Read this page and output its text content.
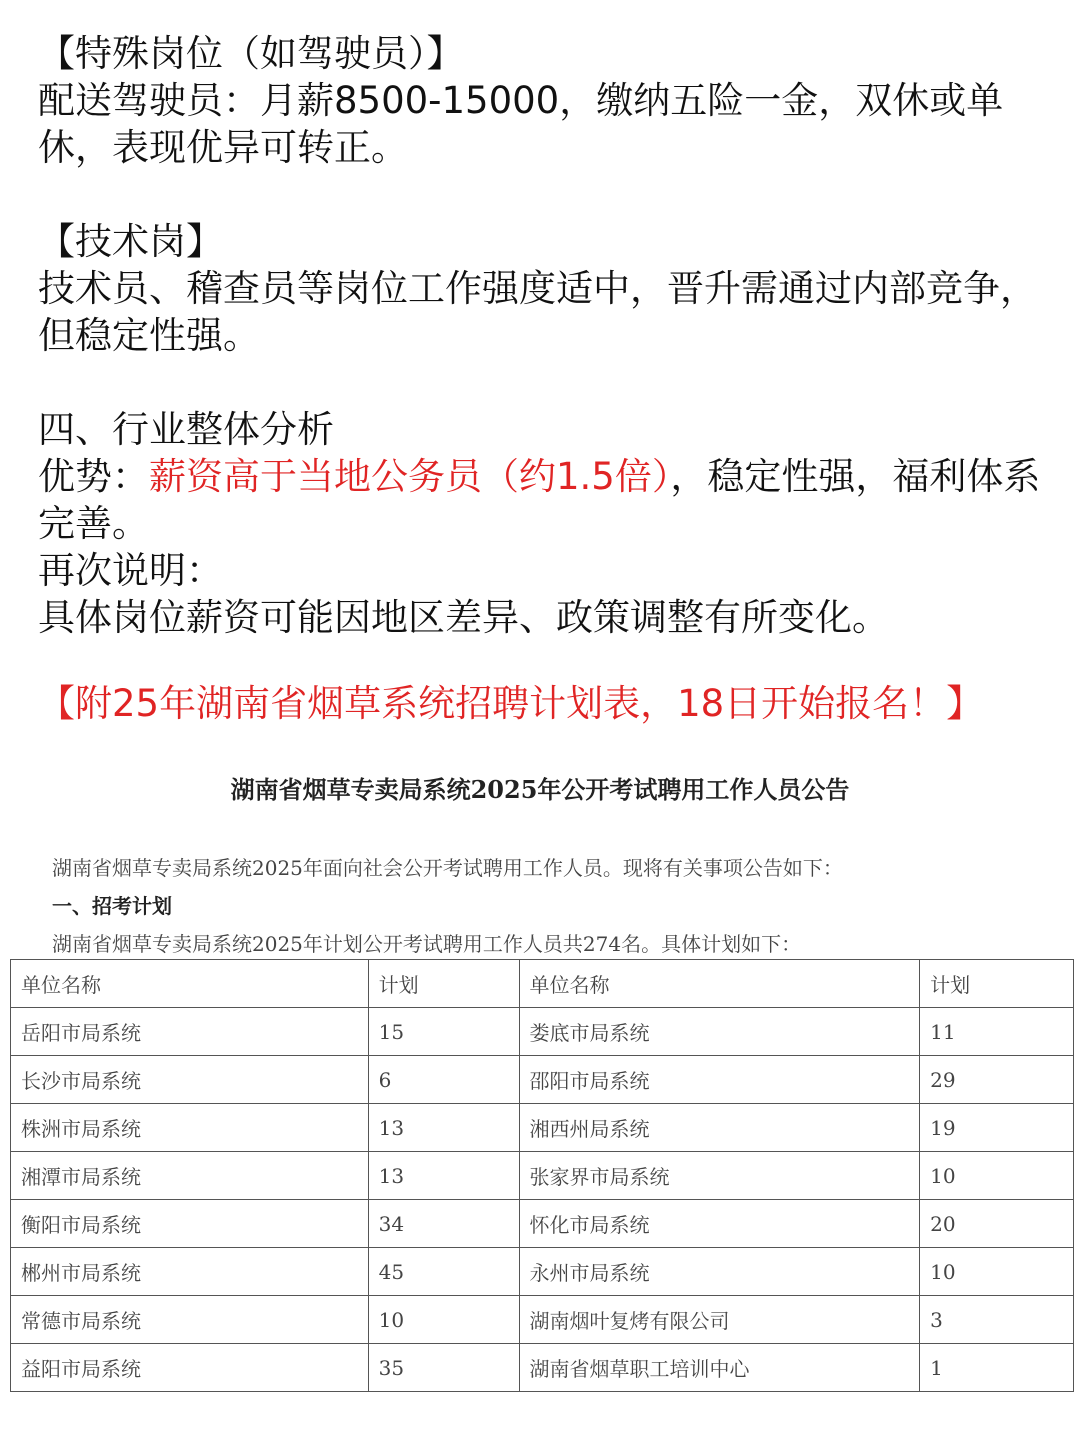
【特殊岗位（如驾驶员）】

配送驾驶员：月薪8500-15000，缴纳五险一金，双休或单休，表现优异可转正。

【技术岗】

技术员、稽查员等岗位工作强度适中，晋升需通过内部竞争，但稳定性强。

四、行业整体分析

优势：薪资高于当地公务员（约1.5倍），稳定性强，福利体系完善。

再次说明：

具体岗位薪资可能因地区差异、政策调整有所变化。

【附25年湖南省烟草系统招聘计划表，18日开始报名！】

湖南省烟草专卖局系统2025年公开考试聘用工作人员公告
湖南省烟草专卖局系统2025年面向社会公开考试聘用工作人员。现将有关事项公告如下：
一、招考计划
湖南省烟草专卖局系统2025年计划公开考试聘用工作人员共274名。具体计划如下：
单位名称	计划	单位名称	计划
岳阳市局系统	15	娄底市局系统	11
长沙市局系统	6	邵阳市局系统	29
株洲市局系统	13	湘西州局系统	19
湘潭市局系统	13	张家界市局系统	10
衡阳市局系统	34	怀化市局系统	20
郴州市局系统	45	永州市局系统	10
常德市局系统	10	湖南烟叶复烤有限公司	3
益阳市局系统	35	湖南省烟草职工培训中心	1
